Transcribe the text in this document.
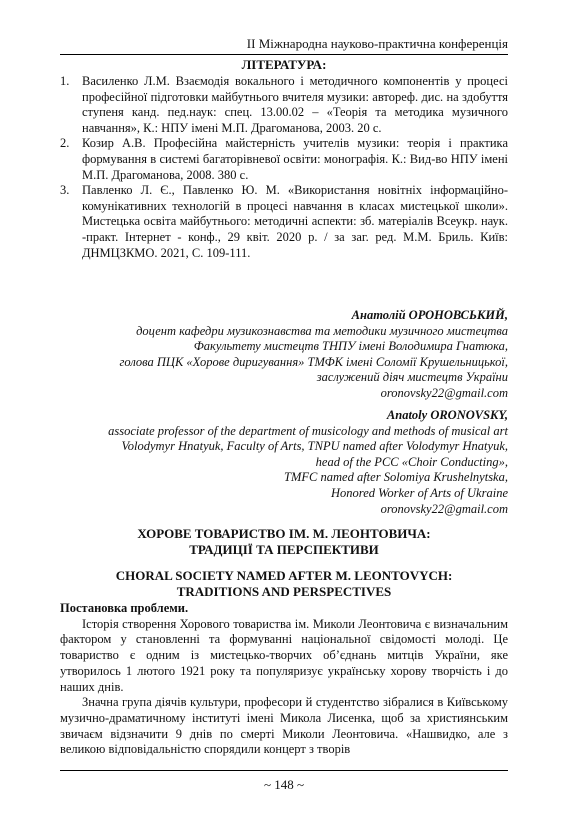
ІІ Міжнародна науково-практична конференція
ЛІТЕРАТУРА:
1. Василенко Л.М. Взаємодія вокального і методичного компонентів у процесі професійної підготовки майбутнього вчителя музики: автореф. дис. на здобуття ступеня канд. пед.наук: спец. 13.00.02 – «Теорія та методика музичного навчання», К.: НПУ імені М.П. Драгоманова, 2003. 20 с.
2. Козир А.В. Професійна майстерність учителів музики: теорія і практика формування в системі багаторівневої освіти: монографія. К.: Вид-во НПУ імені М.П. Драгоманова, 2008. 380 с.
3. Павленко Л. Є., Павленко Ю. М. «Використання новітніх інформаційно-комунікативних технологій в процесі навчання в класах мистецької школи». Мистецька освіта майбутнього: методичні аспекти: зб. матеріалів Всеукр. наук. -практ. Інтернет - конф., 29 квіт. 2020 р. / за заг. ред. М.М. Бриль. Київ: ДНМЦЗКМО. 2021, С. 109-111.
Анатолій ОРОНОВСЬКИЙ,
доцент кафедри музикознавства та методики музичного мистецтва
Факультету мистецтв ТНПУ імені Володимира Гнатюка,
голова ПЦК «Хорове диригування» ТМФК імені Соломії Крушельницької,
заслужений діяч мистецтв України
oronovsky22@gmail.com
Anatoly ORONOVSKY,
associate professor of the department of musicology and methods of musical art
Volodymyr Hnatyuk, Faculty of Arts, TNPU named after Volodymyr Hnatyuk,
head of the PCC «Choir Conducting»,
TMFC named after Solomiya Krushelnytska,
Honored Worker of Arts of Ukraine
oronovsky22@gmail.com
ХОРОВЕ ТОВАРИСТВО ІМ. М. ЛЕОНТОВИЧА:
ТРАДИЦІЇ ТА ПЕРСПЕКТИВИ
CHORAL SOCIETY NAMED AFTER M. LEONTOVYCH:
TRADITIONS AND PERSPECTIVES
Постановка проблеми.

Історія створення Хорового товариства ім. Миколи Леонтовича є визначальним фактором у становленні та формуванні національної свідомості молоді. Це товариство є одним із мистецько-творчих об’єднань митців України, яке утворилось 1 лютого 1921 року та популяризує українську хорову творчість і до наших днів.

Значна група діячів культури, професори й студентство зібралися в Київському музично-драматичному інституті імені Микола Лисенка, щоб за християнським звичаєм відзначити 9 днів по смерті Миколи Леонтовича. «Нашвидко, але з великою відповідальністю спорядили концерт з творів

~ 148 ~
